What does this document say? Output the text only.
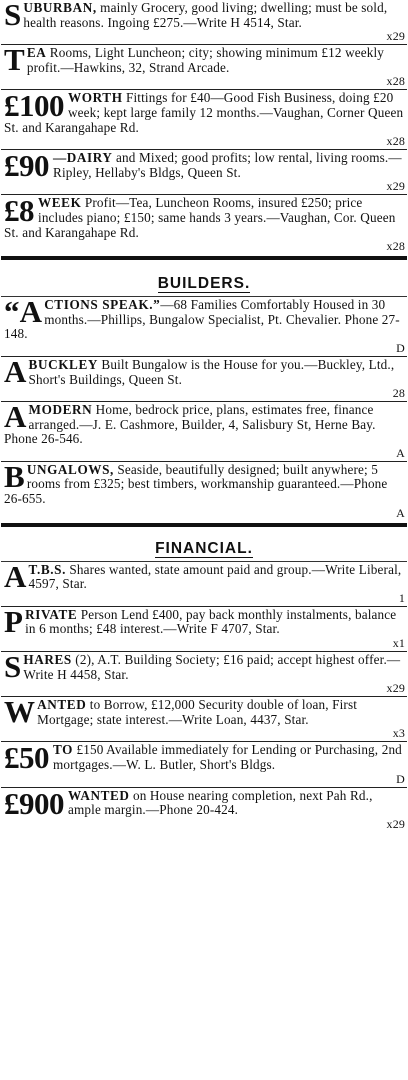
SUBURBAN, mainly Grocery, good living; dwelling; must be sold, health reasons. Ingoing £275.—Write H 4514, Star.
x29
TEA Rooms, Light Luncheon; city; showing minimum £12 weekly profit.—Hawkins, 32, Strand Arcade.
x28
£100 WORTH Fittings for £40—Good Fish Business, doing £20 week; kept large family 12 months.—Vaughan, Corner Queen St. and Karangahape Rd.
x28
£90 —DAIRY and Mixed; good profits; low rental, living rooms.—Ripley, Hellaby's Bldgs, Queen St.
x29
£8 WEEK Profit—Tea, Luncheon Rooms, insured £250; price includes piano; £150; same hands 3 years.—Vaughan, Cor. Queen St. and Karangahape Rd.
x28
BUILDERS.
“ACTIONS SPEAK.”—68 Families Comfortably Housed in 30 months.—Phillips, Bungalow Specialist, Pt. Chevalier. Phone 27-148.
D
ABUCKLEY Built Bungalow is the House for you.—Buckley, Ltd., Short's Buildings, Queen St.
28
AMODERN Home, bedrock price, plans, estimates free, finance arranged.—J. E. Cashmore, Builder, 4, Salisbury St, Herne Bay. Phone 26-546.
A
BUNGALOWS, Seaside, beautifully designed; built anywhere; 5 rooms from £325; best timbers, workmanship guaranteed.—Phone 26-655.
A
FINANCIAL.
A T.B.S. Shares wanted, state amount paid and group.—Write Liberal, 4597, Star.
1
PRIVATE Person Lend £400, pay back monthly instalments, balance in 6 months; £48 interest.—Write F 4707, Star.
x1
SHARES (2), A.T. Building Society; £16 paid; accept highest offer.—Write H 4458, Star.
x29
WANTED to Borrow, £12,000 Security double of loan, First Mortgage; state interest.—Write Loan, 4437, Star.
x3
£50 TO £150 Available immediately for Lending or Purchasing, 2nd mortgages.—W. L. Butler, Short's Bldgs.
D
£900 WANTED on House nearing completion, next Pah Rd., ample margin.—Phone 20-424.
x29
